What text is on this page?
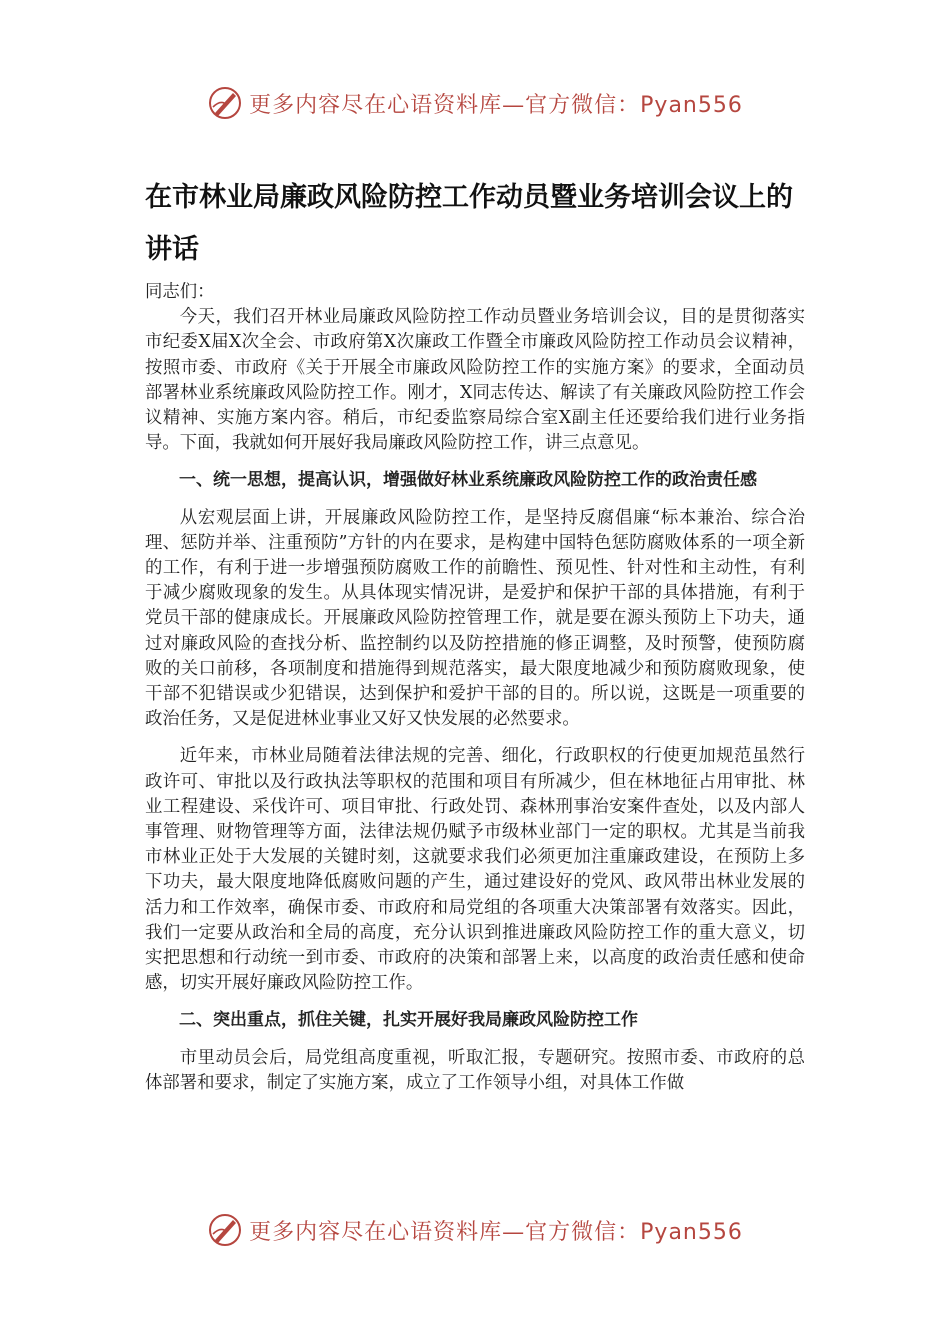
更多内容尽在心语资料库—官方微信：Pyan556
在市林业局廉政风险防控工作动员暨业务培训会议上的讲话

同志们：

今天，我们召开林业局廉政风险防控工作动员暨业务培训会议，目的是贯彻落实市纪委X届X次全会、市政府第X次廉政工作暨全市廉政风险防控工作动员会议精神，按照市委、市政府《关于开展全市廉政风险防控工作的实施方案》的要求，全面动员部署林业系统廉政风险防控工作。刚才，X同志传达、解读了有关廉政风险防控工作会议精神、实施方案内容。稍后，市纪委监察局综合室X副主任还要给我们进行业务指导。下面，我就如何开展好我局廉政风险防控工作，讲三点意见。

一、统一思想，提高认识，增强做好林业系统廉政风险防控工作的政治责任感

从宏观层面上讲，开展廉政风险防控工作，是坚持反腐倡廉“标本兼治、综合治理、惩防并举、注重预防”方针的内在要求，是构建中国特色惩防腐败体系的一项全新的工作，有利于进一步增强预防腐败工作的前瞻性、预见性、针对性和主动性，有利于减少腐败现象的发生。从具体现实情况讲，是爱护和保护干部的具体措施，有利于党员干部的健康成长。开展廉政风险防控管理工作，就是要在源头预防上下功夫，通过对廉政风险的查找分析、监控制约以及防控措施的修正调整，及时预警，使预防腐败的关口前移，各项制度和措施得到规范落实，最大限度地减少和预防腐败现象，使干部不犯错误或少犯错误，达到保护和爱护干部的目的。所以说，这既是一项重要的政治任务，又是促进林业事业又好又快发展的必然要求。

近年来，市林业局随着法律法规的完善、细化，行政职权的行使更加规范虽然行政许可、审批以及行政执法等职权的范围和项目有所减少，但在林地征占用审批、林业工程建设、采伐许可、项目审批、行政处罚、森林刑事治安案件查处，以及内部人事管理、财物管理等方面，法律法规仍赋予市级林业部门一定的职权。尤其是当前我市林业正处于大发展的关键时刻，这就要求我们必须更加注重廉政建设，在预防上多下功夫，最大限度地降低腐败问题的产生，通过建设好的党风、政风带出林业发展的活力和工作效率，确保市委、市政府和局党组的各项重大决策部署有效落实。因此，我们一定要从政治和全局的高度，充分认识到推进廉政风险防控工作的重大意义，切实把思想和行动统一到市委、市政府的决策和部署上来，以高度的政治责任感和使命感，切实开展好廉政风险防控工作。

二、突出重点，抓住关键，扎实开展好我局廉政风险防控工作

市里动员会后，局党组高度重视，听取汇报，专题研究。按照市委、市政府的总体部署和要求，制定了实施方案，成立了工作领导小组，对具体工作做

更多内容尽在心语资料库—官方微信：Pyan556
